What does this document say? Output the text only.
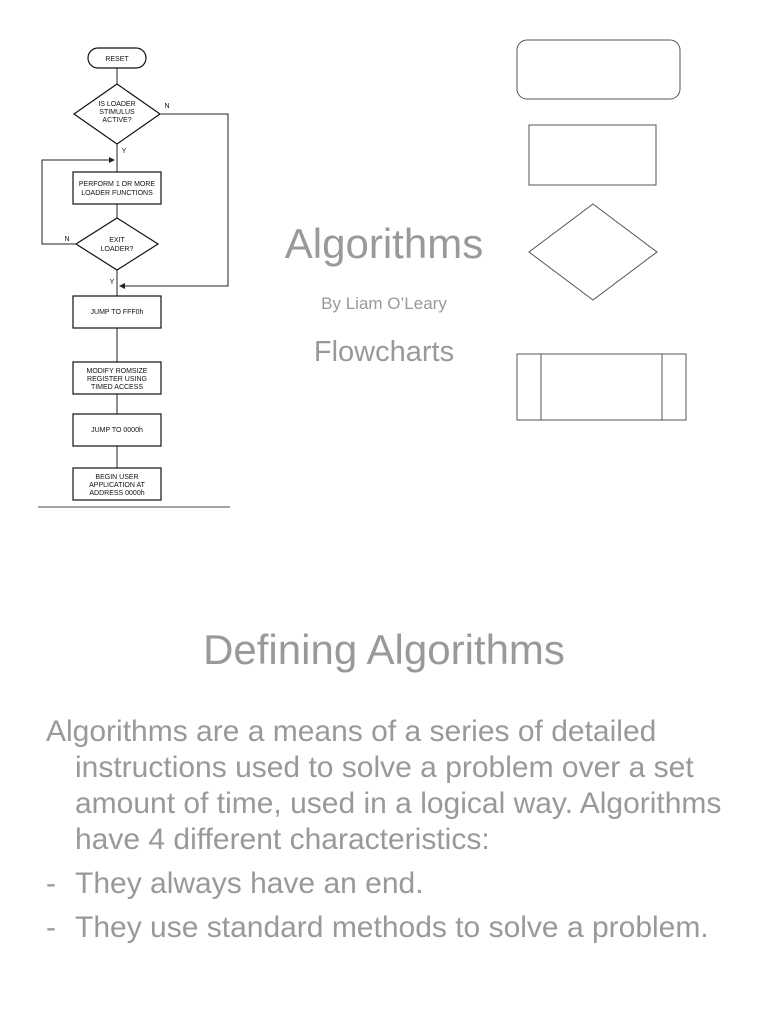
RESET
IS LOADER
STIMULUS
ACTIVE?
N
Y
PERFORM 1 OR MORE
LOADER FUNCTIONS
EXIT
LOADER?
N
Y
JUMP TO FFF0h
MODIFY ROMSIZE
REGISTER USING
TIMED ACCESS
JUMP TO 0000h
BEGIN USER
APPLICATION AT
ADDRESS 0000h
Algorithms
By Liam O’Leary
Flowcharts
Defining Algorithms

Algorithms are a means of a series of detailed instructions used to solve a problem over a set amount of time, used in a logical way. Algorithms have 4 different characteristics:

- They always have an end.

- They use standard methods to solve a problem.
